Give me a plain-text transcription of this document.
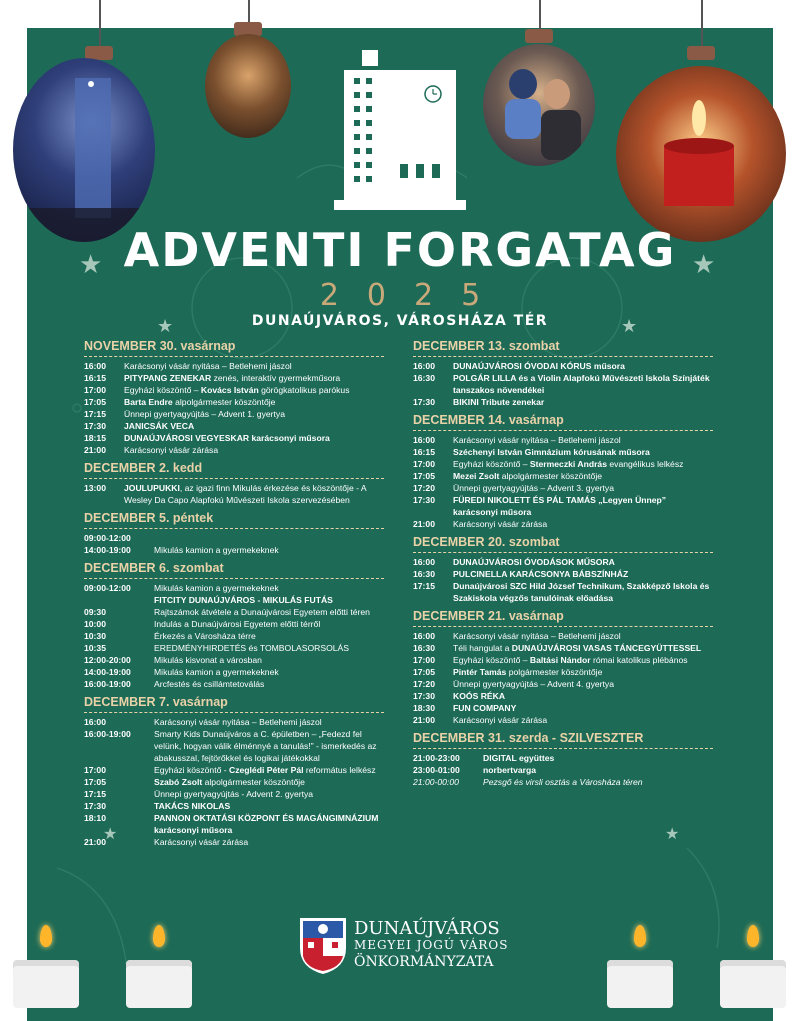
★	★
★	★
★	★
ADVENTI FORGATAG
2025
DUNAÚJVÁROS, VÁROSHÁZA TÉR
NOVEMBER 30. vasárnap
16:00	Karácsonyi vásár nyitása – Betlehemi jászol
16:15	PITYPANG ZENEKAR zenés, interaktív gyermekműsora
17:00	Egyházi köszöntő – Kovács István görögkatolikus parókus
17:05	Barta Endre alpolgármester köszöntője
17:15	Ünnepi gyertyagyújtás – Advent 1. gyertya
17:30	JANICSÁK VECA
18:15	DUNAÚJVÁROSI VEGYESKAR karácsonyi műsora
21:00	Karácsonyi vásár zárása
DECEMBER 2. kedd
13:00	JOULUPUKKI, az igazi finn Mikulás érkezése és köszöntője - A Wesley Da Capo Alapfokú Művészeti Iskola szervezésében
DECEMBER 5. péntek
09:00-12:00
14:00-19:00	Mikulás kamion a gyermekeknek
DECEMBER 6. szombat
09:00-12:00	Mikulás kamion a gyermekeknek
FITCITY DUNAÚJVÁROS - MIKULÁS FUTÁS
09:30	Rajtszámok átvétele a Dunaújvárosi Egyetem előtti téren
10:00	Indulás a Dunaújvárosi Egyetem előtti térről
10:30	Érkezés a Városháza térre
10:35	EREDMÉNYHIRDETÉS és TOMBOLASORSOLÁS
12:00-20:00	Mikulás kisvonat a városban
14:00-19:00	Mikulás kamion a gyermekeknek
16:00-19:00	Arcfestés és csillámtetoválás
DECEMBER 7. vasárnap
16:00	Karácsonyi vásár nyitása – Betlehemi jászol
16:00-19:00	Smarty Kids Dunaújváros a C. épületben – „Fedezd fel velünk, hogyan válik élménnyé a tanulás!” - ismerkedés az abakusszal, fejtörőkkel és logikai játékokkal
17:00	Egyházi köszöntő - Czeglédi Péter Pál református lelkész
17:05	Szabó Zsolt alpolgármester köszöntője
17:15	Ünnepi gyertyagyújtás - Advent 2. gyertya
17:30	TAKÁCS NIKOLAS
18:10	PANNON OKTATÁSI KÖZPONT ÉS MAGÁNGIMNÁZIUM karácsonyi műsora
21:00	Karácsonyi vásár zárása
DECEMBER 13. szombat
16:00	DUNAÚJVÁROSI ÓVODAI KÓRUS műsora
16:30	POLGÁR LILLA és a Violin Alapfokú Művészeti Iskola Színjáték tanszakos növendékei
17:30	BIKINI Tribute zenekar
DECEMBER 14. vasárnap
16:00	Karácsonyi vásár nyitása – Betlehemi jászol
16:15	Széchenyi István Gimnázium kórusának műsora
17:00	Egyházi köszöntő – Stermeczki András evangélikus lelkész
17:05	Mezei Zsolt alpolgármester köszöntője
17:20	Ünnepi gyertyagyújtás – Advent 3. gyertya
17:30	FÜREDI NIKOLETT ÉS PÁL TAMÁS „Legyen Ünnep” karácsonyi műsora
21:00	Karácsonyi vásár zárása
DECEMBER 20. szombat
16:00	DUNAÚJVÁROSI ÓVODÁSOK MŰSORA
16:30	PULCINELLA KARÁCSONYA BÁBSZÍNHÁZ
17:15	Dunaújvárosi SZC Hild József Technikum, Szakképző Iskola és Szakiskola végzős tanulóinak előadása
DECEMBER 21. vasárnap
16:00	Karácsonyi vásár nyitása – Betlehemi jászol
16:30	Téli hangulat a DUNAÚJVÁROSI VASAS TÁNCEGYÜTTESSEL
17:00	Egyházi köszöntő – Baltási Nándor római katolikus plébános
17:05	Pintér Tamás polgármester köszöntője
17:20	Ünnepi gyertyagyújtás – Advent 4. gyertya
17:30	KOÓS RÉKA
18:30	FUN COMPANY
21:00	Karácsonyi vásár zárása
DECEMBER 31. szerda - SZILVESZTER
21:00-23:00	DIGITAL együttes
23:00-01:00	norbertvarga
21:00-00:00	Pezsgő és virsli osztás a Városháza téren
DUNAÚJVÁROS
MEGYEI JOGÚ VÁROS
ÖNKORMÁNYZATA
